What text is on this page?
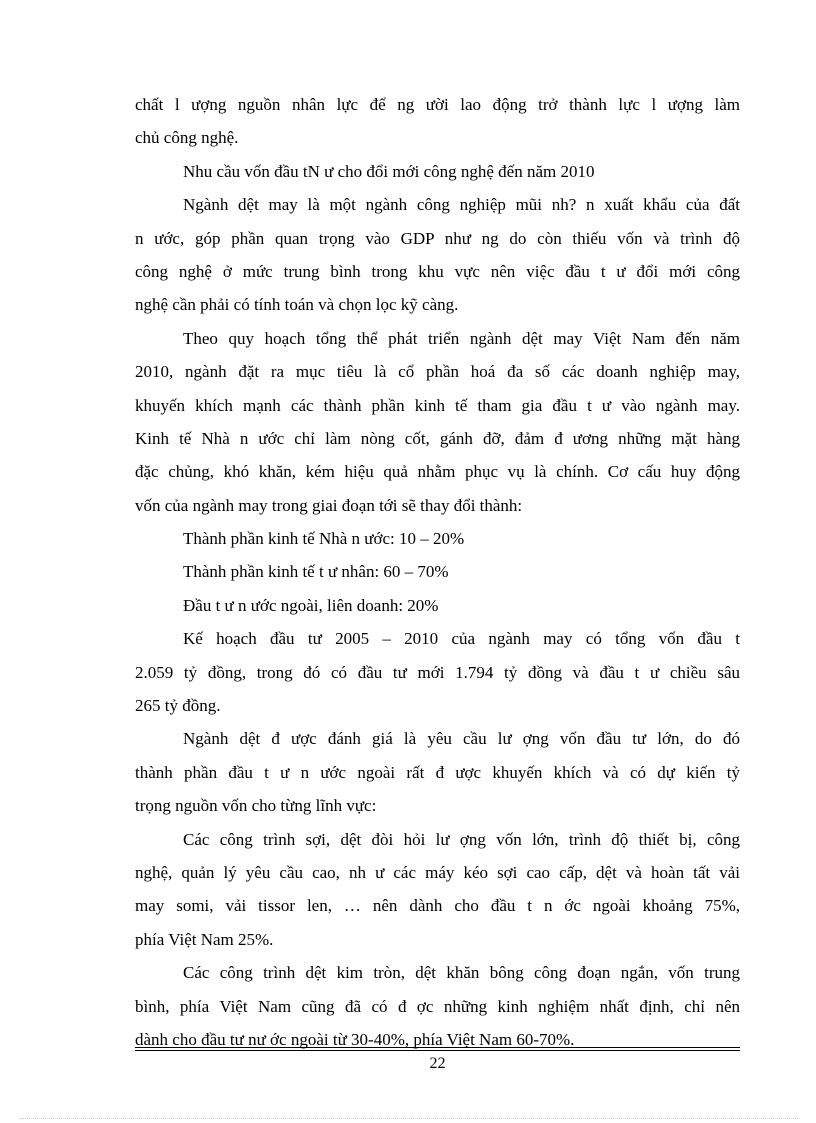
chất l ượng nguồn nhân lực để ng ười lao động trở thành lực l ượng làm
chủ công nghệ.
Nhu cầu vốn đầu tN ư cho đổi mới công nghệ đến năm 2010
Ngành dệt may là một ngành công nghiệp mũi nh? n xuất khẩu của đất
n ước, góp phần quan trọng vào GDP như ng do còn thiếu vốn và trình độ
công nghệ ở mức trung bình trong khu vực nên việc đầu t ư đổi mới công
nghệ cần phải có tính toán và chọn lọc kỹ càng.
Theo quy hoạch tổng thể phát triển ngành dệt may Việt Nam đến năm
2010, ngành đặt ra mục tiêu là cổ phần hoá đa số các doanh nghiệp may,
khuyến khích mạnh các thành phần kinh tế tham gia đầu t ư vào ngành may.
Kinh tế Nhà n ước chỉ làm nòng cốt, gánh đỡ, đảm đ ương những mặt hàng
đặc chủng, khó khăn, kém hiệu quả nhằm phục vụ là chính. Cơ cấu huy động
vốn của ngành may trong giai đoạn tới sẽ thay đổi thành:
Thành phần kinh tế Nhà n ước: 10 – 20%
Thành phần kinh tế t ư nhân: 60 – 70%
Đầu t ư n ước ngoài, liên doanh: 20%
Kế hoạch đầu tư 2005 – 2010 của ngành may có tổng vốn đầu t
2.059 tỷ đồng, trong đó có đầu tư mới 1.794 tỷ đồng và đầu t ư chiều sâu
265 tỷ đồng.
Ngành dệt đ ược đánh giá là yêu cầu lư ợng vốn đầu tư lớn, do đó
thành phần đầu t ư n ước ngoài rất đ ược khuyến khích và có dự kiến tỷ
trọng nguồn vốn cho từng lĩnh vực:
Các công trình sợi, dệt đòi hỏi lư ợng vốn lớn, trình độ thiết bị, công
nghệ, quản lý yêu cầu cao, nh ư các máy kéo sợi cao cấp, dệt và hoàn tất vải
may somi, vải tissor len, … nên dành cho đầu t n ớc ngoài khoảng 75%,
phía Việt Nam 25%.
Các công trình dệt kim tròn, dệt khăn bông công đoạn ngắn, vốn trung
bình, phía Việt Nam cũng đã có đ ợc những kinh nghiệm nhất định, chỉ nên
dành cho đầu tư nư ớc ngoài từ 30-40%, phía Việt Nam 60-70%.
22
